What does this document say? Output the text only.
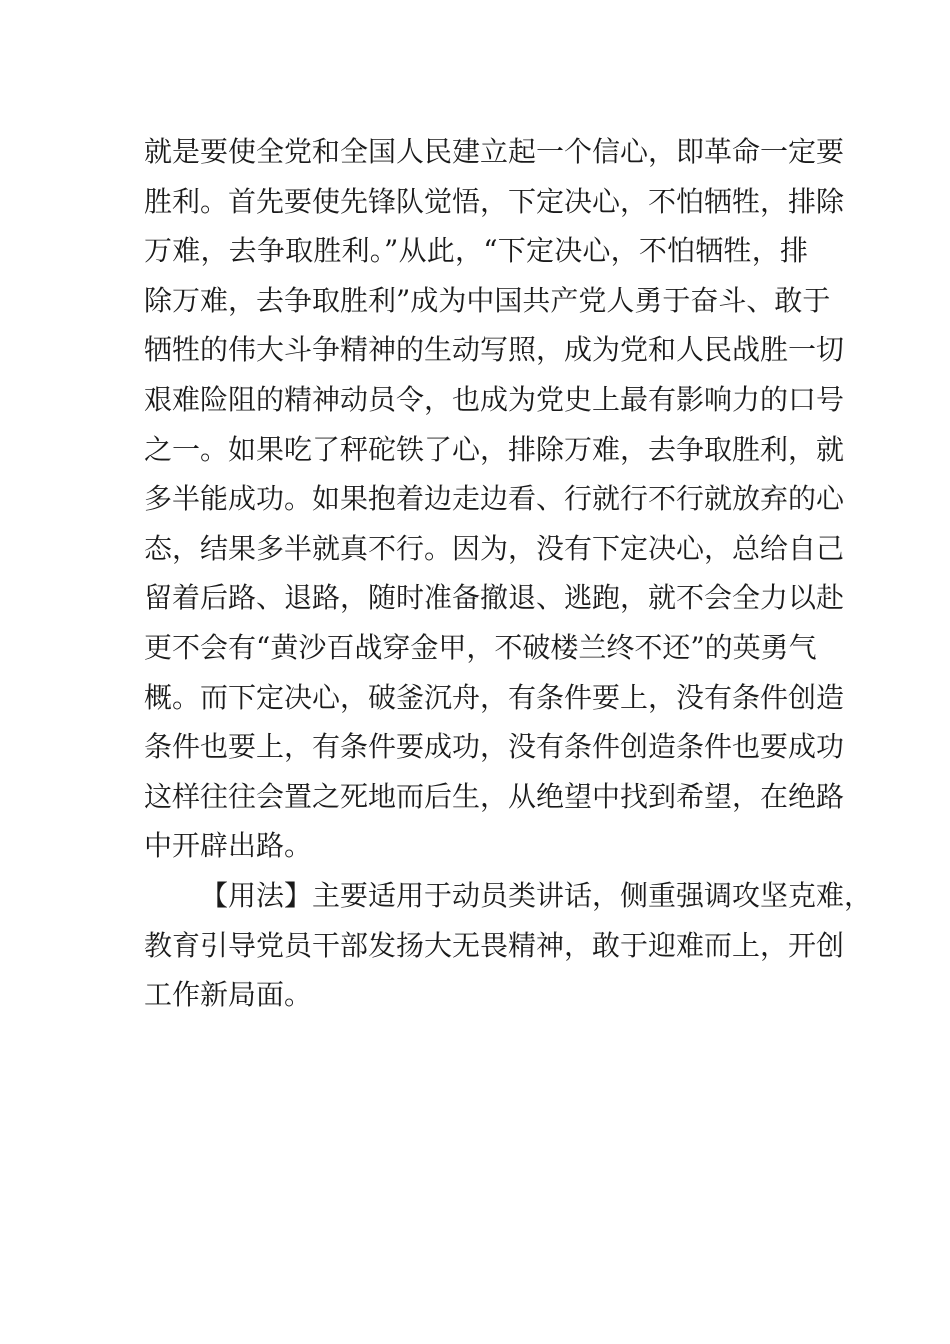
就是要使全党和全国人民建立起一个信心，即革命一定要
胜利。首先要使先锋队觉悟，下定决心，不怕牺牲，排除
万难，去争取胜利。”从此，“下定决心，不怕牺牲，排
除万难，去争取胜利”成为中国共产党人勇于奋斗、敢于
牺牲的伟大斗争精神的生动写照，成为党和人民战胜一切
艰难险阻的精神动员令，也成为党史上最有影响力的口号
之一。如果吃了秤砣铁了心，排除万难，去争取胜利，就
多半能成功。如果抱着边走边看、行就行不行就放弃的心
态，结果多半就真不行。因为，没有下定决心，总给自己
留着后路、退路，随时准备撤退、逃跑，就不会全力以赴
更不会有“黄沙百战穿金甲，不破楼兰终不还”的英勇气
概。而下定决心，破釜沉舟，有条件要上，没有条件创造
条件也要上，有条件要成功，没有条件创造条件也要成功
这样往往会置之死地而后生，从绝望中找到希望，在绝路
中开辟出路。
【用法】主要适用于动员类讲话，侧重强调攻坚克难，
教育引导党员干部发扬大无畏精神，敢于迎难而上，开创
工作新局面。
